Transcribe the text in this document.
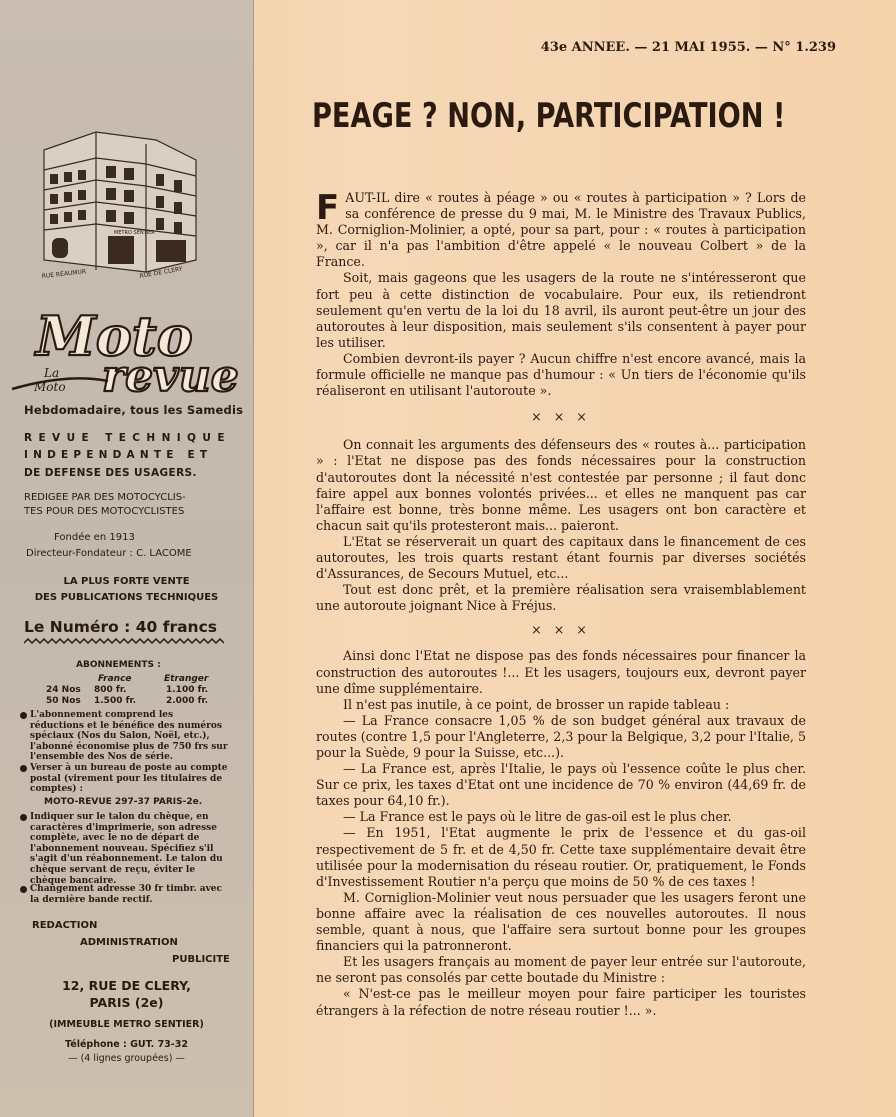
METRO SENTIER
RUE RÉAUMUR	RUE DE CLERY
Moto
revue
La
Moto
Hebdomadaire, tous les Samedis
REVUE TECHNIQUE
INDEPENDANTE ET
DE DEFENSE DES USAGERS.
REDIGEE PAR DES MOTOCYCLIS-
TES POUR DES MOTOCYCLISTES
Fondée en 1913
Directeur-Fondateur : C. LACOME
LA PLUS FORTE VENTE
DES PUBLICATIONS TECHNIQUES
Le Numéro : 40 francs
ABONNEMENTS :
France	Etranger
24 Nos 800 fr.	1.100 fr.
50 Nos 1.500 fr.	2.000 fr.
L'abonnement comprend les réductions et le bénéfice des numéros spéciaux (Nos du Salon, Noël, etc.), l'abonné économise plus de 750 frs sur l'ensemble des Nos de série.
Verser à un bureau de poste au compte postal (virement pour les titulaires de comptes) :
MOTO-REVUE 297-37 PARIS-2e.
Indiquer sur le talon du chèque, en caractères d'imprimerie, son adresse complète, avec le no de départ de l'abonnement nouveau. Spécifiez s'il s'agit d'un réabonnement. Le talon du chèque servant de reçu, éviter le chèque bancaire.
Changement adresse 30 fr timbr. avec la dernière bande rectif.
REDACTION
ADMINISTRATION
PUBLICITE
12, RUE DE CLERY,
PARIS (2e)
(IMMEUBLE METRO SENTIER)
Téléphone : GUT. 73-32
— (4 lignes groupées) —
43e ANNEE. — 21 MAI 1955. — N° 1.239
PEAGE ? NON, PARTICIPATION !

FAUT-IL dire « routes à péage » ou « routes à participation » ? Lors de sa conférence de presse du 9 mai, M. le Ministre des Travaux Publics, M. Corniglion-Molinier, a opté, pour sa part, pour : « routes à participation », car il n'a pas l'ambition d'être appelé « le nouveau Colbert » de la France.

Soit, mais gageons que les usagers de la route ne s'intéresseront que fort peu à cette distinction de vocabulaire. Pour eux, ils retiendront seulement qu'en vertu de la loi du 18 avril, ils auront peut-être un jour des autoroutes à leur disposition, mais seulement s'ils consentent à payer pour les utiliser.

Combien devront-ils payer ? Aucun chiffre n'est encore avancé, mais la formule officielle ne manque pas d'humour : « Un tiers de l'économie qu'ils réaliseront en utilisant l'autoroute ».

× × ×

On connait les arguments des défenseurs des « routes à... participation » : l'Etat ne dispose pas des fonds nécessaires pour la construction d'autoroutes dont la nécessité n'est contestée par personne ; il faut donc faire appel aux bonnes volontés privées... et elles ne manquent pas car l'affaire est bonne, très bonne même. Les usagers ont bon caractère et chacun sait qu'ils protesteront mais... paieront.

L'Etat se réserverait un quart des capitaux dans le financement de ces autoroutes, les trois quarts restant étant fournis par diverses sociétés d'Assurances, de Secours Mutuel, etc...

Tout est donc prêt, et la première réalisation sera vraisemblablement une autoroute joignant Nice à Fréjus.

× × ×

Ainsi donc l'Etat ne dispose pas des fonds nécessaires pour financer la construction des autoroutes !... Et les usagers, toujours eux, devront payer une dîme supplémentaire.

Il n'est pas inutile, à ce point, de brosser un rapide tableau :

— La France consacre 1,05 % de son budget général aux travaux de routes (contre 1,5 pour l'Angleterre, 2,3 pour la Belgique, 3,2 pour l'Italie, 5 pour la Suède, 9 pour la Suisse, etc...).

— La France est, après l'Italie, le pays où l'essence coûte le plus cher. Sur ce prix, les taxes d'Etat ont une incidence de 70 % environ (44,69 fr. de taxes pour 64,10 fr.).

— La France est le pays où le litre de gas-oil est le plus cher.

— En 1951, l'Etat augmente le prix de l'essence et du gas-oil respectivement de 5 fr. et de 4,50 fr. Cette taxe supplémentaire devait être utilisée pour la modernisation du réseau routier. Or, pratiquement, le Fonds d'Investissement Routier n'a perçu que moins de 50 % de ces taxes !

M. Corniglion-Molinier veut nous persuader que les usagers feront une bonne affaire avec la réalisation de ces nouvelles autoroutes. Il nous semble, quant à nous, que l'affaire sera surtout bonne pour les groupes financiers qui la patronneront.

Et les usagers français au moment de payer leur entrée sur l'autoroute, ne seront pas consolés par cette boutade du Ministre :

« N'est-ce pas le meilleur moyen pour faire participer les touristes étrangers à la réfection de notre réseau routier !... ».
